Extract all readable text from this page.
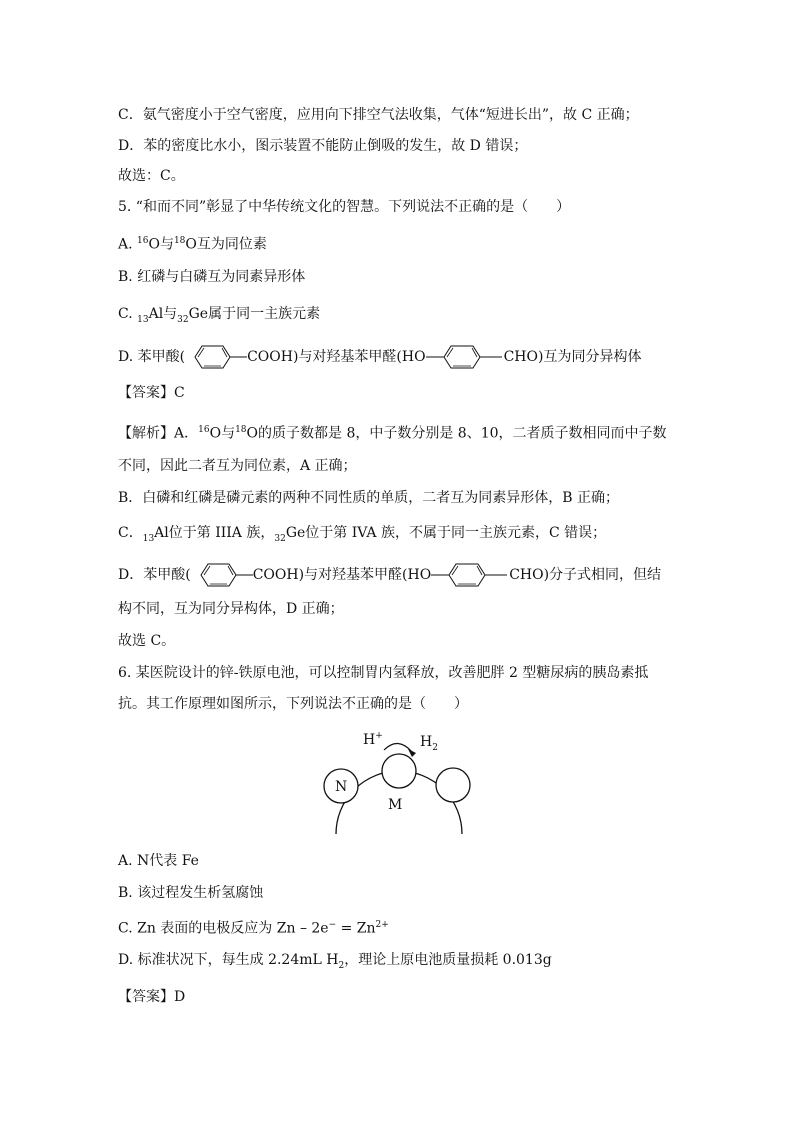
C．氨气密度小于空气密度，应用向下排空气法收集，气体“短进长出”，故 C 正确；
D．苯的密度比水小，图示装置不能防止倒吸的发生，故 D 错误；
故选：C。
5. “和而不同”彰显了中华传统文化的智慧。下列说法不正确的是（　　）
A. $^{16}$O与$^{18}$O互为同位素
B. 红磷与白磷互为同素异形体
C. $_{13}$Al与$_{32}$Ge属于同一主族元素
D. 苯甲酸(	COOH)与对羟基苯甲醛(HO	CHO)互为同分异构体
【答案】C
【解析】A．$^{16}$O与$^{18}$O的质子数都是 8，中子数分别是 8、10，二者质子数相同而中子数
不同，因此二者互为同位素，A 正确；
B．白磷和红磷是磷元素的两种不同性质的单质，二者互为同素异形体，B 正确；
C．$_{13}$Al位于第 IIIA 族，$_{32}$Ge位于第 IVA 族，不属于同一主族元素，C 错误；
D．苯甲酸(	COOH)与对羟基苯甲醛(HO	CHO)分子式相同，但结
构不同，互为同分异构体，D 正确；
故选 C。
6. 某医院设计的锌-铁原电池，可以控制胃内氢释放，改善肥胖 2 型糖尿病的胰岛素抵
抗。其工作原理如图所示，下列说法不正确的是（　　）
H+	$H_2$
N
M
A. N代表 Fe
B. 该过程发生析氢腐蚀
C. Zn 表面的电极反应为 $Zn - 2e^- = Zn^{2+}$
D. 标准状况下，每生成 2.24mL $H_2$，理论上原电池质量损耗 0.013g
【答案】D
